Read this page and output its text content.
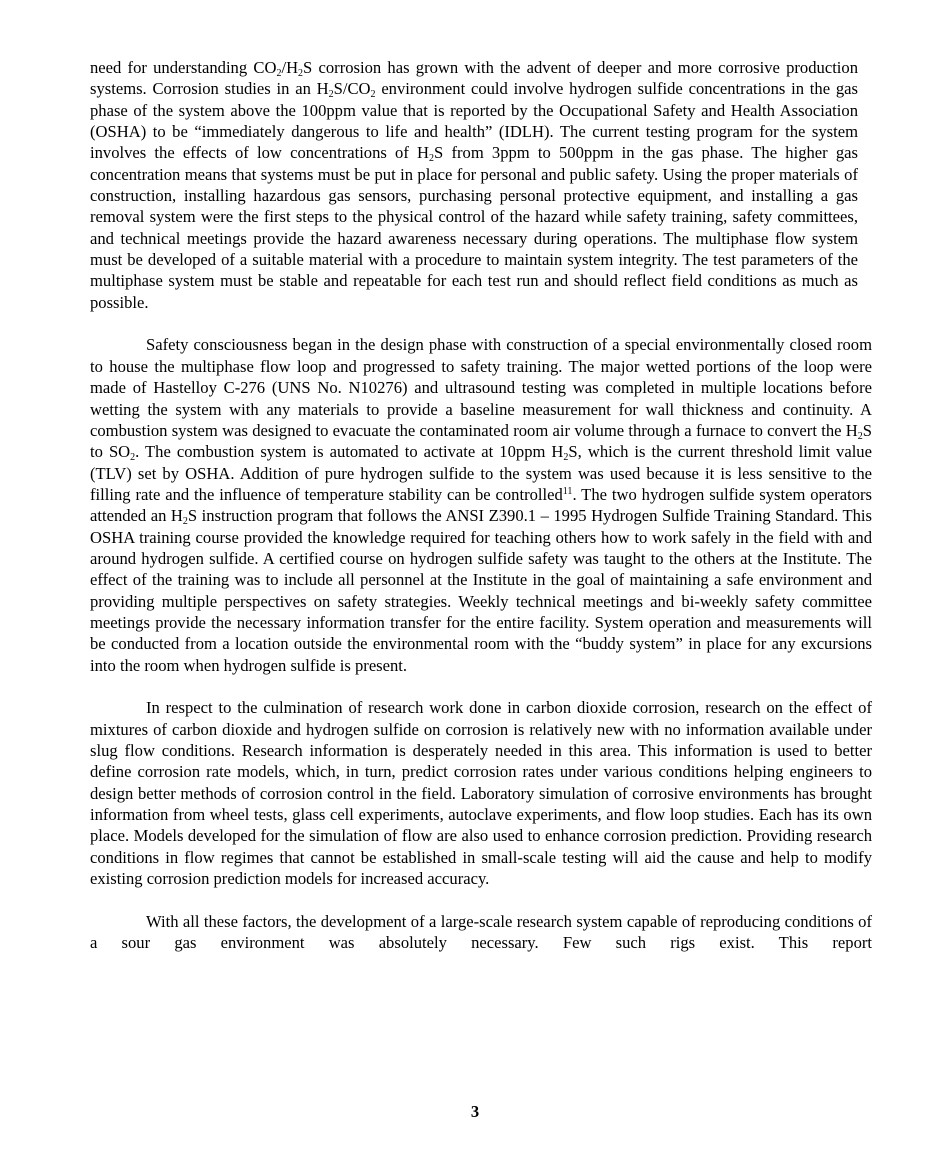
need for understanding $CO_2/H_2S$ corrosion has grown with the advent of deeper and more corrosive production systems. Corrosion studies in an $H_2S/CO_2$ environment could involve hydrogen sulfide concentrations in the gas phase of the system above the 100ppm value that is reported by the Occupational Safety and Health Association (OSHA) to be “immediately dangerous to life and health” (IDLH). The current testing program for the system involves the effects of low concentrations of $H_2S$ from 3ppm to 500ppm in the gas phase. The higher gas concentration means that systems must be put in place for personal and public safety. Using the proper materials of construction, installing hazardous gas sensors, purchasing personal protective equipment, and installing a gas removal system were the first steps to the physical control of the hazard while safety training, safety committees, and technical meetings provide the hazard awareness necessary during operations. The multiphase flow system must be developed of a suitable material with a procedure to maintain system integrity. The test parameters of the multiphase system must be stable and repeatable for each test run and should reflect field conditions as much as possible.

Safety consciousness began in the design phase with construction of a special environmentally closed room to house the multiphase flow loop and progressed to safety training. The major wetted portions of the loop were made of Hastelloy C-276 (UNS No. N10276) and ultrasound testing was completed in multiple locations before wetting the system with any materials to provide a baseline measurement for wall thickness and continuity. A combustion system was designed to evacuate the contaminated room air volume through a furnace to convert the $H_2S$ to $SO_2$. The combustion system is automated to activate at 10ppm $H_2S$, which is the current threshold limit value (TLV) set by OSHA. Addition of pure hydrogen sulfide to the system was used because it is less sensitive to the filling rate and the influence of temperature stability can be controlled$^{11}$. The two hydrogen sulfide system operators attended an $H_2S$ instruction program that follows the ANSI Z390.1 – 1995 Hydrogen Sulfide Training Standard. This OSHA training course provided the knowledge required for teaching others how to work safely in the field with and around hydrogen sulfide. A certified course on hydrogen sulfide safety was taught to the others at the Institute. The effect of the training was to include all personnel at the Institute in the goal of maintaining a safe environment and providing multiple perspectives on safety strategies. Weekly technical meetings and bi-weekly safety committee meetings provide the necessary information transfer for the entire facility. System operation and measurements will be conducted from a location outside the environmental room with the “buddy system” in place for any excursions into the room when hydrogen sulfide is present.

In respect to the culmination of research work done in carbon dioxide corrosion, research on the effect of mixtures of carbon dioxide and hydrogen sulfide on corrosion is relatively new with no information available under slug flow conditions. Research information is desperately needed in this area. This information is used to better define corrosion rate models, which, in turn, predict corrosion rates under various conditions helping engineers to design better methods of corrosion control in the field. Laboratory simulation of corrosive environments has brought information from wheel tests, glass cell experiments, autoclave experiments, and flow loop studies. Each has its own place. Models developed for the simulation of flow are also used to enhance corrosion prediction. Providing research conditions in flow regimes that cannot be established in small-scale testing will aid the cause and help to modify existing corrosion prediction models for increased accuracy.

With all these factors, the development of a large-scale research system capable of reproducing conditions of a sour gas environment was absolutely necessary. Few such rigs exist. This report

3
